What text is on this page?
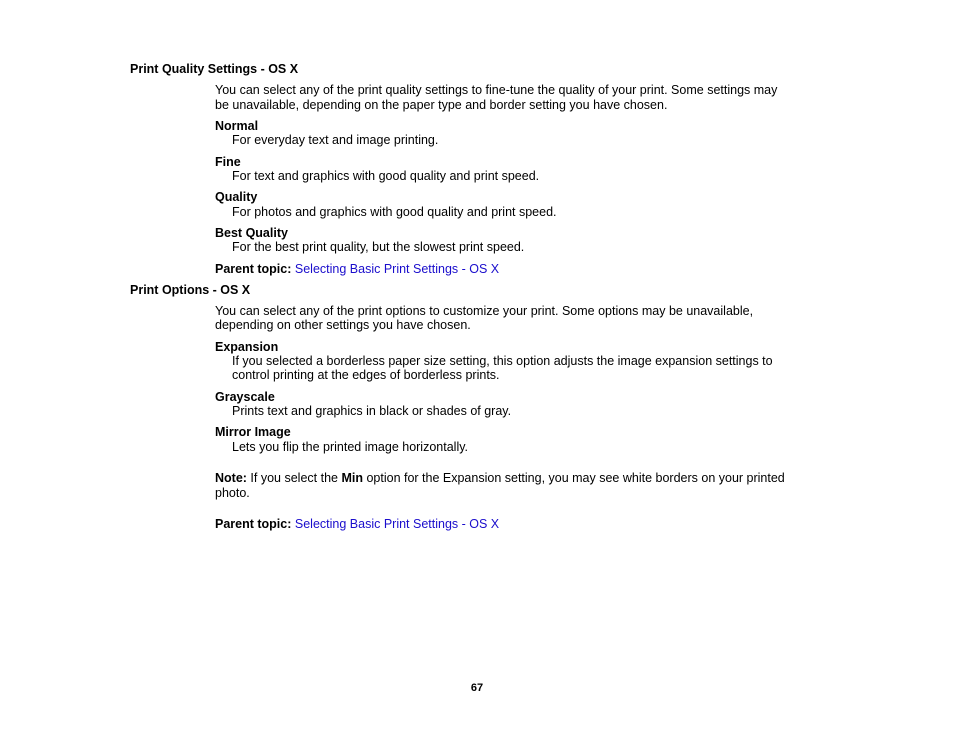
Print Quality Settings - OS X
You can select any of the print quality settings to fine-tune the quality of your print. Some settings may
be unavailable, depending on the paper type and border setting you have chosen.
Normal
For everyday text and image printing.
Fine
For text and graphics with good quality and print speed.
Quality
For photos and graphics with good quality and print speed.
Best Quality
For the best print quality, but the slowest print speed.
Parent topic: Selecting Basic Print Settings - OS X
Print Options - OS X
You can select any of the print options to customize your print. Some options may be unavailable,
depending on other settings you have chosen.
Expansion
If you selected a borderless paper size setting, this option adjusts the image expansion settings to
control printing at the edges of borderless prints.
Grayscale
Prints text and graphics in black or shades of gray.
Mirror Image
Lets you flip the printed image horizontally.
Note: If you select the Min option for the Expansion setting, you may see white borders on your printed
photo.
Parent topic: Selecting Basic Print Settings - OS X
67
